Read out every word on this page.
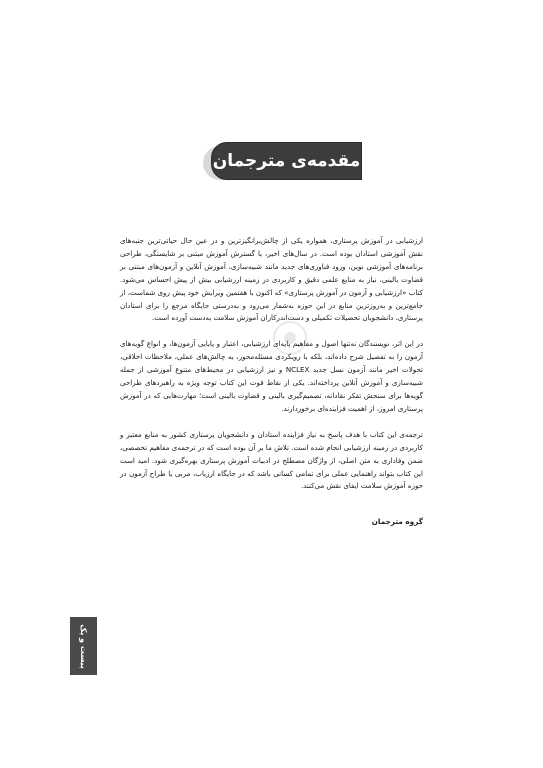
مقدمه‌ی مترجمان

ارزشیابی در آموزش پرستاری، همواره یکی از چالش‌برانگیزترین و در عین حال حیاتی‌ترین جنبه‌های نقش آموزشی استادان بوده است. در سال‌های اخیر، با گسترش آموزش مبتنی بر شایستگی، طراحی برنامه‌های آموزشی نوین، ورود فناوری‌های جدید مانند شبیه‌سازی، آموزش آنلاین و آزمون‌های مبتنی بر قضاوت بالینی، نیاز به منابع علمی دقیق و کاربردی در زمینه ارزشیابی بیش از پیش احساس می‌شود. کتاب «ارزشیابی و آزمون در آموزش پرستاری» که اکنون با هفتمین ویرایش خود پیش روی شماست، از جامع‌ترین و به‌روزترین منابع در این حوزه به‌شمار می‌رود و به‌درستی جایگاه مرجع را برای استادان پرستاری، دانشجویان تحصیلات تکمیلی و دست‌اندرکاران آموزش سلامت به‌دست آورده است.

در این اثر، نویسندگان نه‌تنها اصول و مفاهیم پایه‌ای ارزشیابی، اعتبار و پایایی آزمون‌ها، و انواع گویه‌های آزمون را به تفصیل شرح داده‌اند، بلکه با رویکردی مسئله‌محور، به چالش‌های عملی، ملاحظات اخلاقی، تحولات اخیر مانند آزمون نسل جدید NCLEX و نیز ارزشیابی در محیط‌های متنوع آموزشی از جمله شبیه‌سازی و آموزش آنلاین پرداخته‌اند. یکی از نقاط قوت این کتاب توجه ویژه به راهبردهای طراحی گویه‌ها برای سنجش تفکر نقادانه، تصمیم‌گیری بالینی و قضاوت بالینی است؛ مهارت‌هایی که در آموزش پرستاری امروز، از اهمیت فزاینده‌ای برخوردارند.

ترجمه‌ی این کتاب با هدف پاسخ به نیاز فزاینده استادان و دانشجویان پرستاری کشور به منابع معتبر و کاربردی در زمینه ارزشیابی انجام شده است. تلاش ما بر آن بوده است که در ترجمه‌ی مفاهیم تخصصی، ضمن وفاداری به متن اصلی، از واژگان مصطلح در ادبیات آموزش پرستاری بهره‌گیری شود. امید است این کتاب بتواند راهنمایی عملی برای تمامی کسانی باشد که در جایگاه ارزیاب، مربی یا طراح آزمون در حوزه آموزش سلامت ایفای نقش می‌کنند.

گروه مترجمان
پیست و پک
